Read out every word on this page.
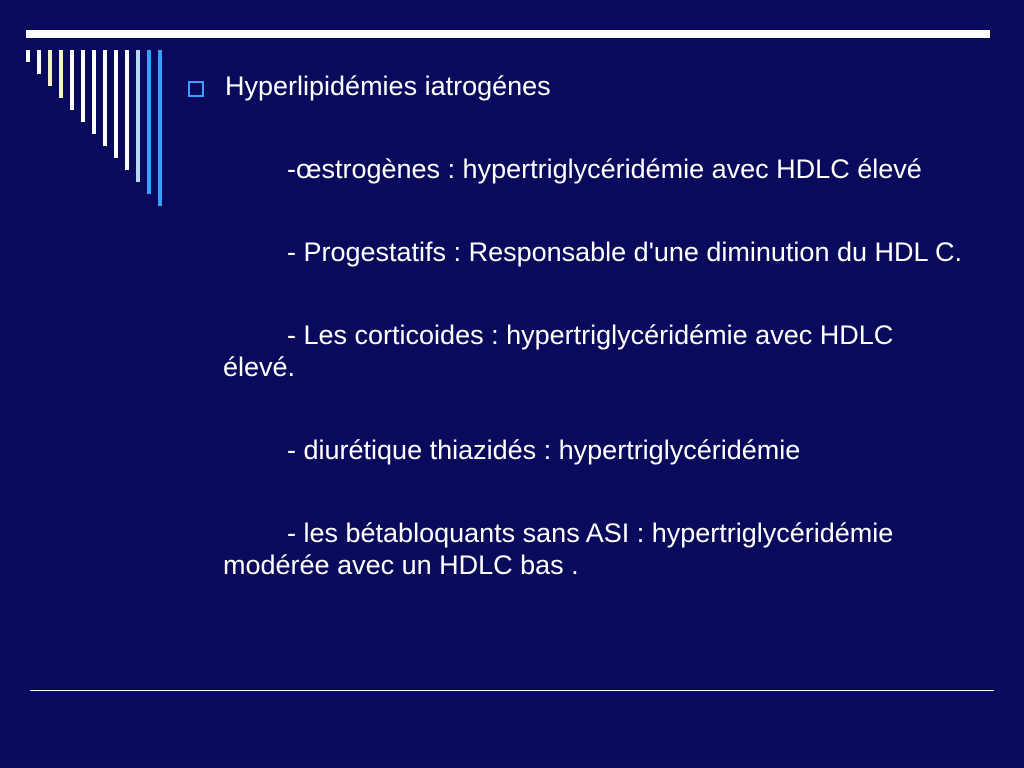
Hyperlipidémies iatrogénes
-œstrogènes : hypertriglycéridémie avec HDLC élevé
- Progestatifs : Responsable d'une diminution du HDL C.
- Les corticoides : hypertriglycéridémie avec HDLC élevé.
- diurétique thiazidés : hypertriglycéridémie
- les bétabloquants sans ASI : hypertriglycéridémie modérée avec un HDLC bas .
